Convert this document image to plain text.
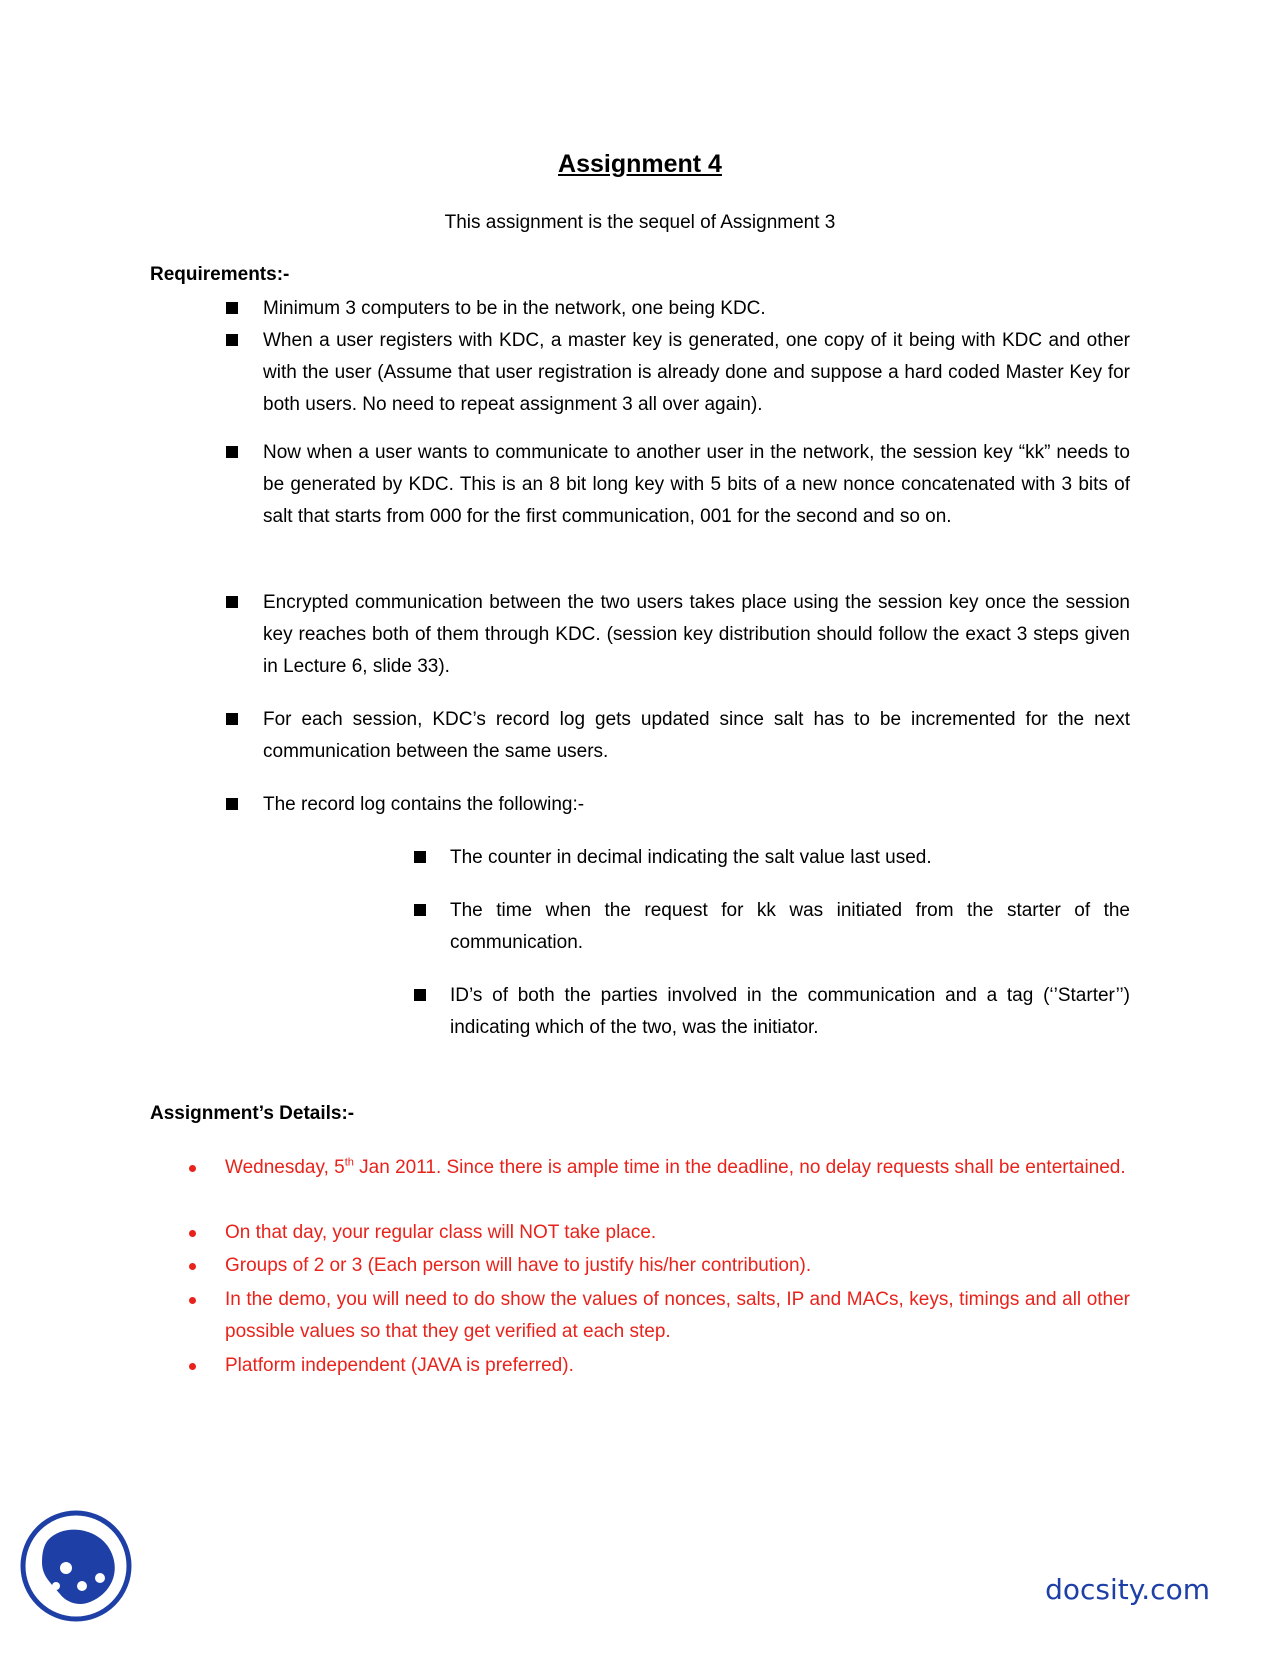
Assignment 4
This assignment is the sequel of Assignment 3
Requirements:-
Minimum 3 computers to be in the network, one being KDC.
When a user registers with KDC, a master key is generated, one copy of it being with KDC and other with the user (Assume that user registration is already done and suppose a hard coded Master Key for both users. No need to repeat assignment 3 all over again).
Now when a user wants to communicate to another user in the network, the session key “kk” needs to be generated by KDC. This is an 8 bit long key with 5 bits of a new nonce concatenated with 3 bits of salt that starts from 000 for the first communication, 001 for the second and so on.
Encrypted communication between the two users takes place using the session key once the session key reaches both of them through KDC. (session key distribution should follow the exact 3 steps given in Lecture 6, slide 33).
For each session, KDC’s record log gets updated since salt has to be incremented for the next communication between the same users.
The record log contains the following:-
The counter in decimal indicating the salt value last used.
The time when the request for kk was initiated from the starter of the communication.
ID’s of both the parties involved in the communication and a tag (‘’Starter’’) indicating which of the two, was the initiator.
Assignment’s Details:-
Wednesday, 5th Jan 2011. Since there is ample time in the deadline, no delay requests shall be entertained.
On that day, your regular class will NOT take place.
Groups of 2 or 3 (Each person will have to justify his/her contribution).
In the demo, you will need to do show the values of nonces, salts, IP and MACs, keys, timings and all other possible values so that they get verified at each step.
Platform independent (JAVA is preferred).
docsity.com
